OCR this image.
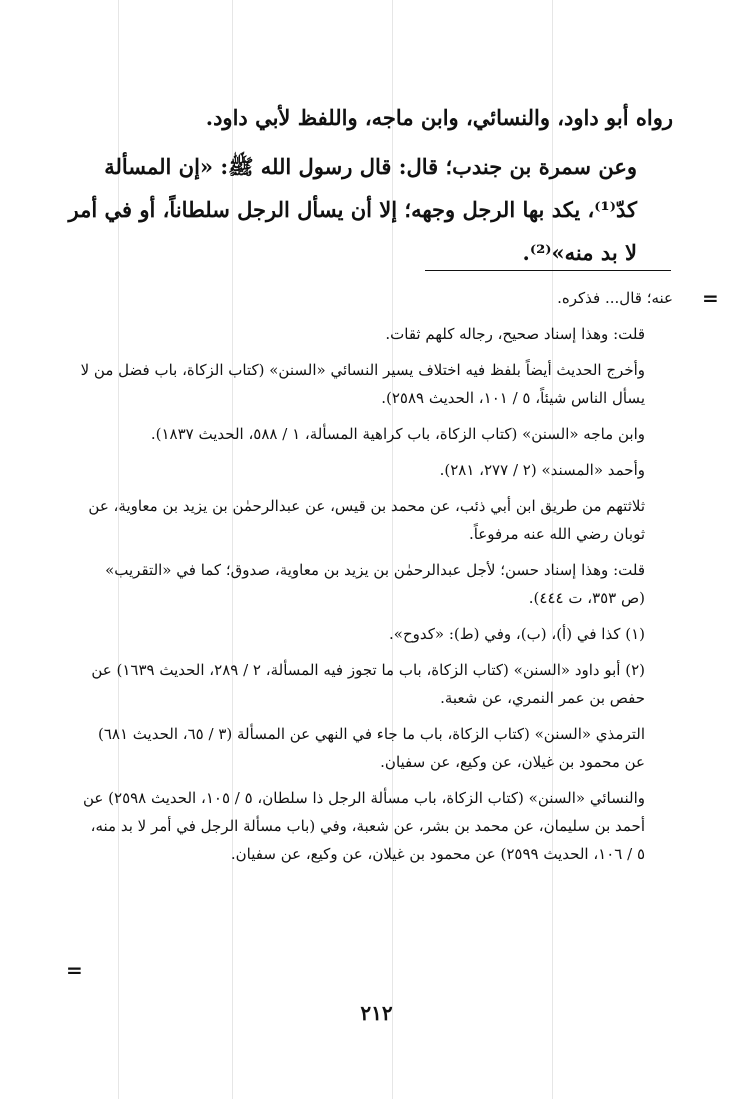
رواه أبو داود، والنسائي، وابن ماجه، واللفظ لأبي داود.

وعن سمرة بن جندب؛ قال: قال رسول الله ﷺ: «إن المسألة كدّ⁽¹⁾، يكد بها الرجل وجهه؛ إلا أن يسأل الرجل سلطاناً، أو في أمر لا بد منه»⁽²⁾.

=

عنه؛ قال... فذكره.

قلت: وهذا إسناد صحيح، رجاله كلهم ثقات.

وأخرج الحديث أيضاً بلفظ فيه اختلاف يسير النسائي «السنن» (كتاب الزكاة، باب فضل من لا يسأل الناس شيئاً، ٥ / ١٠١، الحديث ٢٥٨٩).

وابن ماجه «السنن» (كتاب الزكاة، باب كراهية المسألة، ١ / ٥٨٨، الحديث ١٨٣٧).

وأحمد «المسند» (٢ / ٢٧٧، ٢٨١).

ثلاثتهم من طريق ابن أبي ذئب، عن محمد بن قيس، عن عبدالرحمٰن بن يزيد بن معاوية، عن ثوبان رضي الله عنه مرفوعاً.

قلت: وهذا إسناد حسن؛ لأجل عبدالرحمٰن بن يزيد بن معاوية، صدوق؛ كما في «التقريب» (ص ٣٥٣، ت ٤٤٤).

(١) كذا في (أ)، (ب)، وفي (ط): «كدوح».

(٢) أبو داود «السنن» (كتاب الزكاة، باب ما تجوز فيه المسألة، ٢ / ٢٨٩، الحديث ١٦٣٩) عن حفص بن عمر النمري، عن شعبة.

الترمذي «السنن» (كتاب الزكاة، باب ما جاء في النهي عن المسألة (٣ / ٦٥، الحديث ٦٨١) عن محمود بن غيلان، عن وكيع، عن سفيان.

والنسائي «السنن» (كتاب الزكاة، باب مسألة الرجل ذا سلطان، ٥ / ١٠٥، الحديث ٢٥٩٨) عن أحمد بن سليمان، عن محمد بن بشر، عن شعبة، وفي (باب مسألة الرجل في أمر لا بد منه، ٥ / ١٠٦، الحديث ٢٥٩٩) عن محمود بن غيلان، عن وكيع، عن سفيان.

=
٢١٢
